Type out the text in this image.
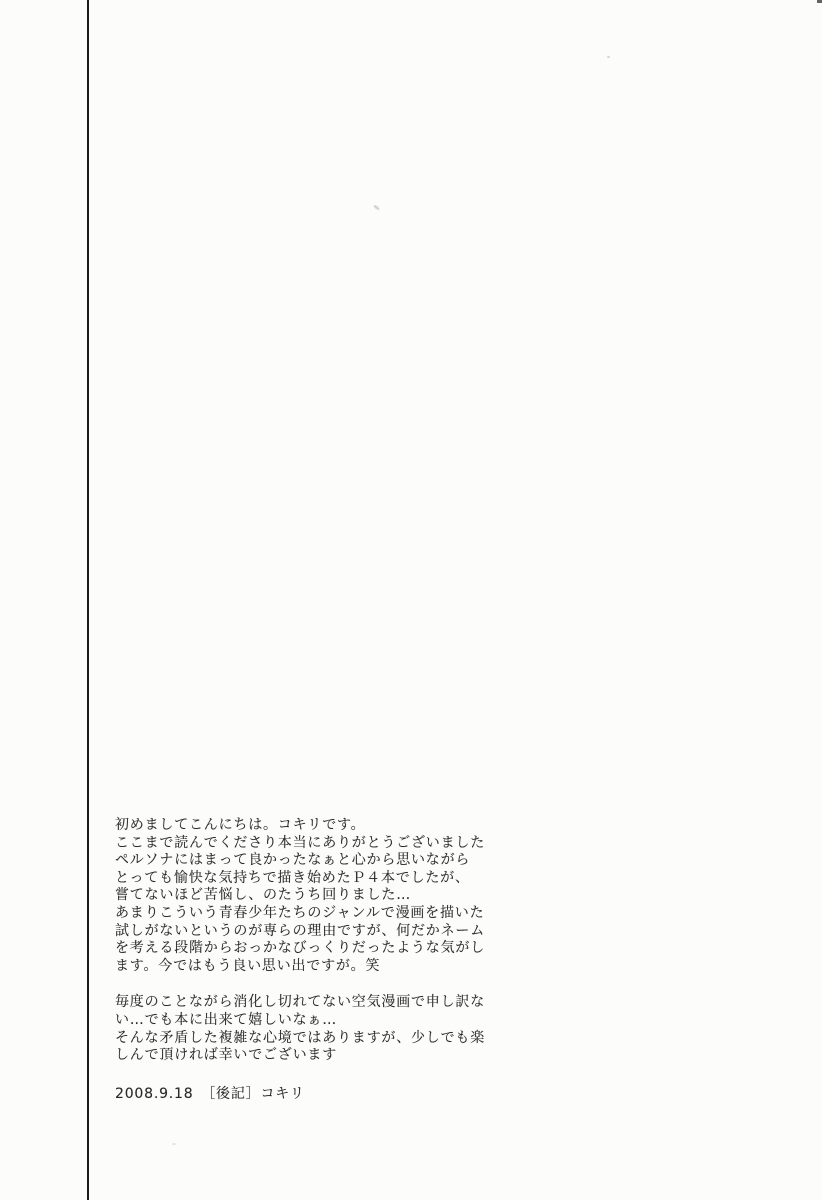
初めましてこんにちは。コキリです。
ここまで読んでくださり本当にありがとうございました
ペルソナにはまって良かったなぁと心から思いながら
とっても愉快な気持ちで描き始めたＰ４本でしたが、
嘗てないほど苦悩し、のたうち回りました…
あまりこういう青春少年たちのジャンルで漫画を描いた
試しがないというのが専らの理由ですが、何だかネーム
を考える段階からおっかなびっくりだったような気がし
ます。今ではもう良い思い出ですが。笑
毎度のことながら消化し切れてない空気漫画で申し訳な
い…でも本に出来て嬉しいなぁ…
そんな矛盾した複雑な心境ではありますが、少しでも楽
しんで頂ければ幸いでございます
2008.9.18　［後記］コキリ
